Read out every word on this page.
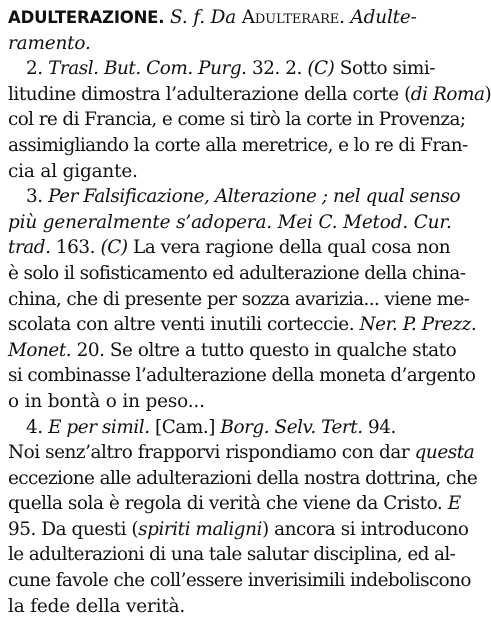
ADULTERAZIONE. S. f. Da Adulterare. Adulte-
ramento.
2. Trasl. But. Com. Purg. 32. 2. (C) Sotto simi-
litudine dimostra l’adulterazione della corte (di Roma)
col re di Francia, e come si tirò la corte in Provenza;
assimigliando la corte alla meretrice, e lo re di Fran-
cia al gigante.
3. Per Falsificazione, Alterazione ; nel qual senso
più generalmente s’adopera. Mei C. Metod. Cur.
trad. 163. (C) La vera ragione della qual cosa non
è solo il sofisticamento ed adulterazione della china-
china, che di presente per sozza avarizia... viene me-
scolata con altre venti inutili corteccie. Ner. P. Prezz.
Monet. 20. Se oltre a tutto questo in qualche stato
si combinasse l’adulterazione della moneta d’argento
o in bontà o in peso...
4. E per simil. [Cam.] Borg. Selv. Tert. 94.
Noi senz’altro frapporvi rispondiamo con dar questa
eccezione alle adulterazioni della nostra dottrina, che
quella sola è regola di verità che viene da Cristo. E
95. Da questi (spiriti maligni) ancora si introducono
le adulterazioni di una tale salutar disciplina, ed al-
cune favole che coll’essere inverisimili indeboliscono
la fede della verità.
